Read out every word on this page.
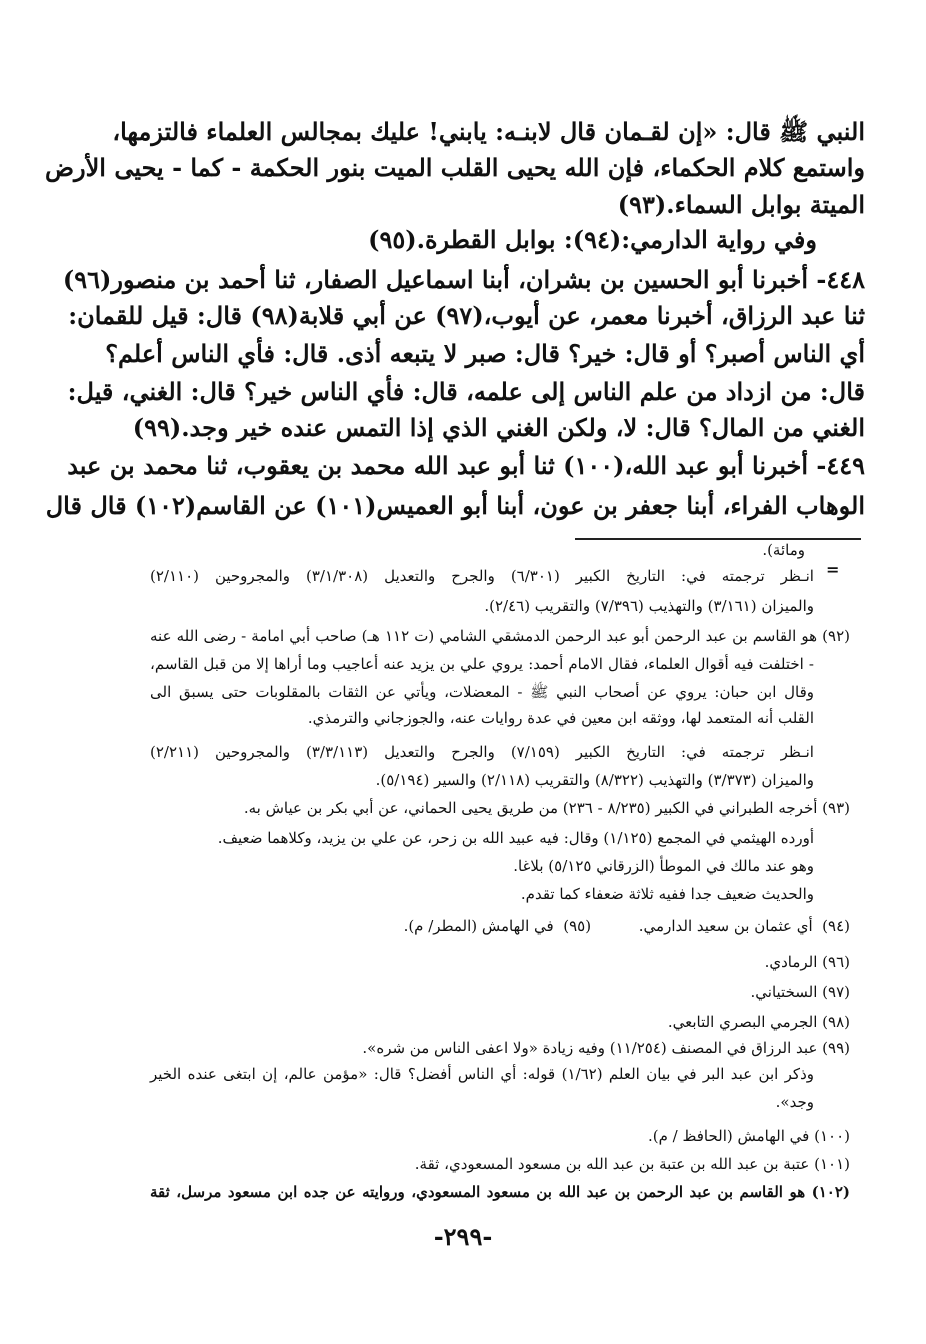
النبي ﷺ قال: «إن لقـمان قال لابنـه: يابني! عليك بمجالس العلماء فالتزمها،
واستمع كلام الحكماء، فإن الله يحيى القلب الميت بنور الحكمة - كما - يحيى الأرض
الميتة بوابل السماء.(٩٣)
وفي رواية الدارمي:(٩٤): بوابل القطرة.(٩٥)
٤٤٨- أخبرنا أبو الحسين بن بشران، أبنا اسماعيل الصفار، ثنا أحمد بن منصور(٩٦)
ثنا عبد الرزاق، أخبرنا معمر، عن أيوب،(٩٧) عن أبي قلابة(٩٨) قال: قيل للقمان:
أي الناس أصبر؟ أو قال: خير؟ قال: صبر لا يتبعه أذى. قال: فأي الناس أعلم؟
قال: من ازداد من علم الناس إلى علمه، قال: فأي الناس خير؟ قال: الغني، قيل:
الغني من المال؟ قال: لا، ولكن الغني الذي إذا التمس عنده خير وجد.(٩٩)
٤٤٩- أخبرنا أبو عبد الله،(١٠٠) ثنا أبو عبد الله محمد بن يعقوب، ثنا محمد بن عبد
الوهاب الفراء، أبنا جعفر بن عون، أبنا أبو العميس(١٠١) عن القاسم(١٠٢) قال قال
=
ومائة).
انـظر ترجمته في: التاريخ الكبير (٦/٣٠١) والجرح والتعديل (٣/١/٣٠٨) والمجروحين (٢/١١٠)
والميزان (٣/١٦١) والتهذيب (٧/٣٩٦) والتقريب (٢/٤٦).
(٩٢) هو القاسم بن عبد الرحمن أبو عبد الرحمن الدمشقي الشامي (ت ١١٢ هـ) صاحب أبي امامة - رضى الله عنه
- اختلفت فيه أقوال العلماء، فقال الامام أحمد: يروي علي بن يزيد عنه أعاجيب وما أراها إلا من قبل القاسم،
وقال ابن حبان: يروي عن أصحاب النبي ﷺ - المعضلات، ويأتي عن الثقات بالمقلوبات حتى يسبق الى
القلب أنه المتعمد لها، ووثقه ابن معين في عدة روايات عنه، والجوزجاني والترمذي.
انـظر ترجمته في: التاريخ الكبير (٧/١٥٩) والجرح والتعديل (٣/٣/١١٣) والمجروحين (٢/٢١١)
والميزان (٣/٣٧٣) والتهذيب (٨/٣٢٢) والتقريب (٢/١١٨) والسير (٥/١٩٤).
(٩٣) أخرجه الطبراني في الكبير (٨/٢٣٥ - ٢٣٦) من طريق يحيى الحماني، عن أبي بكر بن عياش به.
أورده الهيثمي في المجمع (١/١٢٥) وقال: فيه عبيد الله بن زحر، عن علي بن يزيد، وكلاهما ضعيف.
وهو عند مالك في الموطأ (الزرقاني ٥/١٢٥) بلاغا.
والحديث ضعيف جدا ففيه ثلاثة ضعفاء كما تقدم.
(٩٤)  أي عثمان بن سعيد الدارمي.          (٩٥)  في الهامش (المطر/ م).
(٩٦) الرمادي.
(٩٧) السختياني.
(٩٨) الجرمي البصري التابعي.
(٩٩) عبد الرزاق في المصنف (١١/٢٥٤) وفيه زيادة «ولا اعفى الناس من شره».
وذكر ابن عبد البر في بيان العلم (١/٦٢) قوله: أي الناس أفضل؟ قال: «مؤمن عالم، إن ابتغى عنده الخير
وجد».
(١٠٠) في الهامش (الحافظ / م).
(١٠١) عتبة بن عبد الله بن عتبة بن عبد الله بن مسعود المسعودي، ثقة.
(١٠٢) هو القاسم بن عبد الرحمن بن عبد الله بن مسعود المسعودي، وروايته عن جده ابن مسعود مرسل، ثقة
-٢٩٩-
